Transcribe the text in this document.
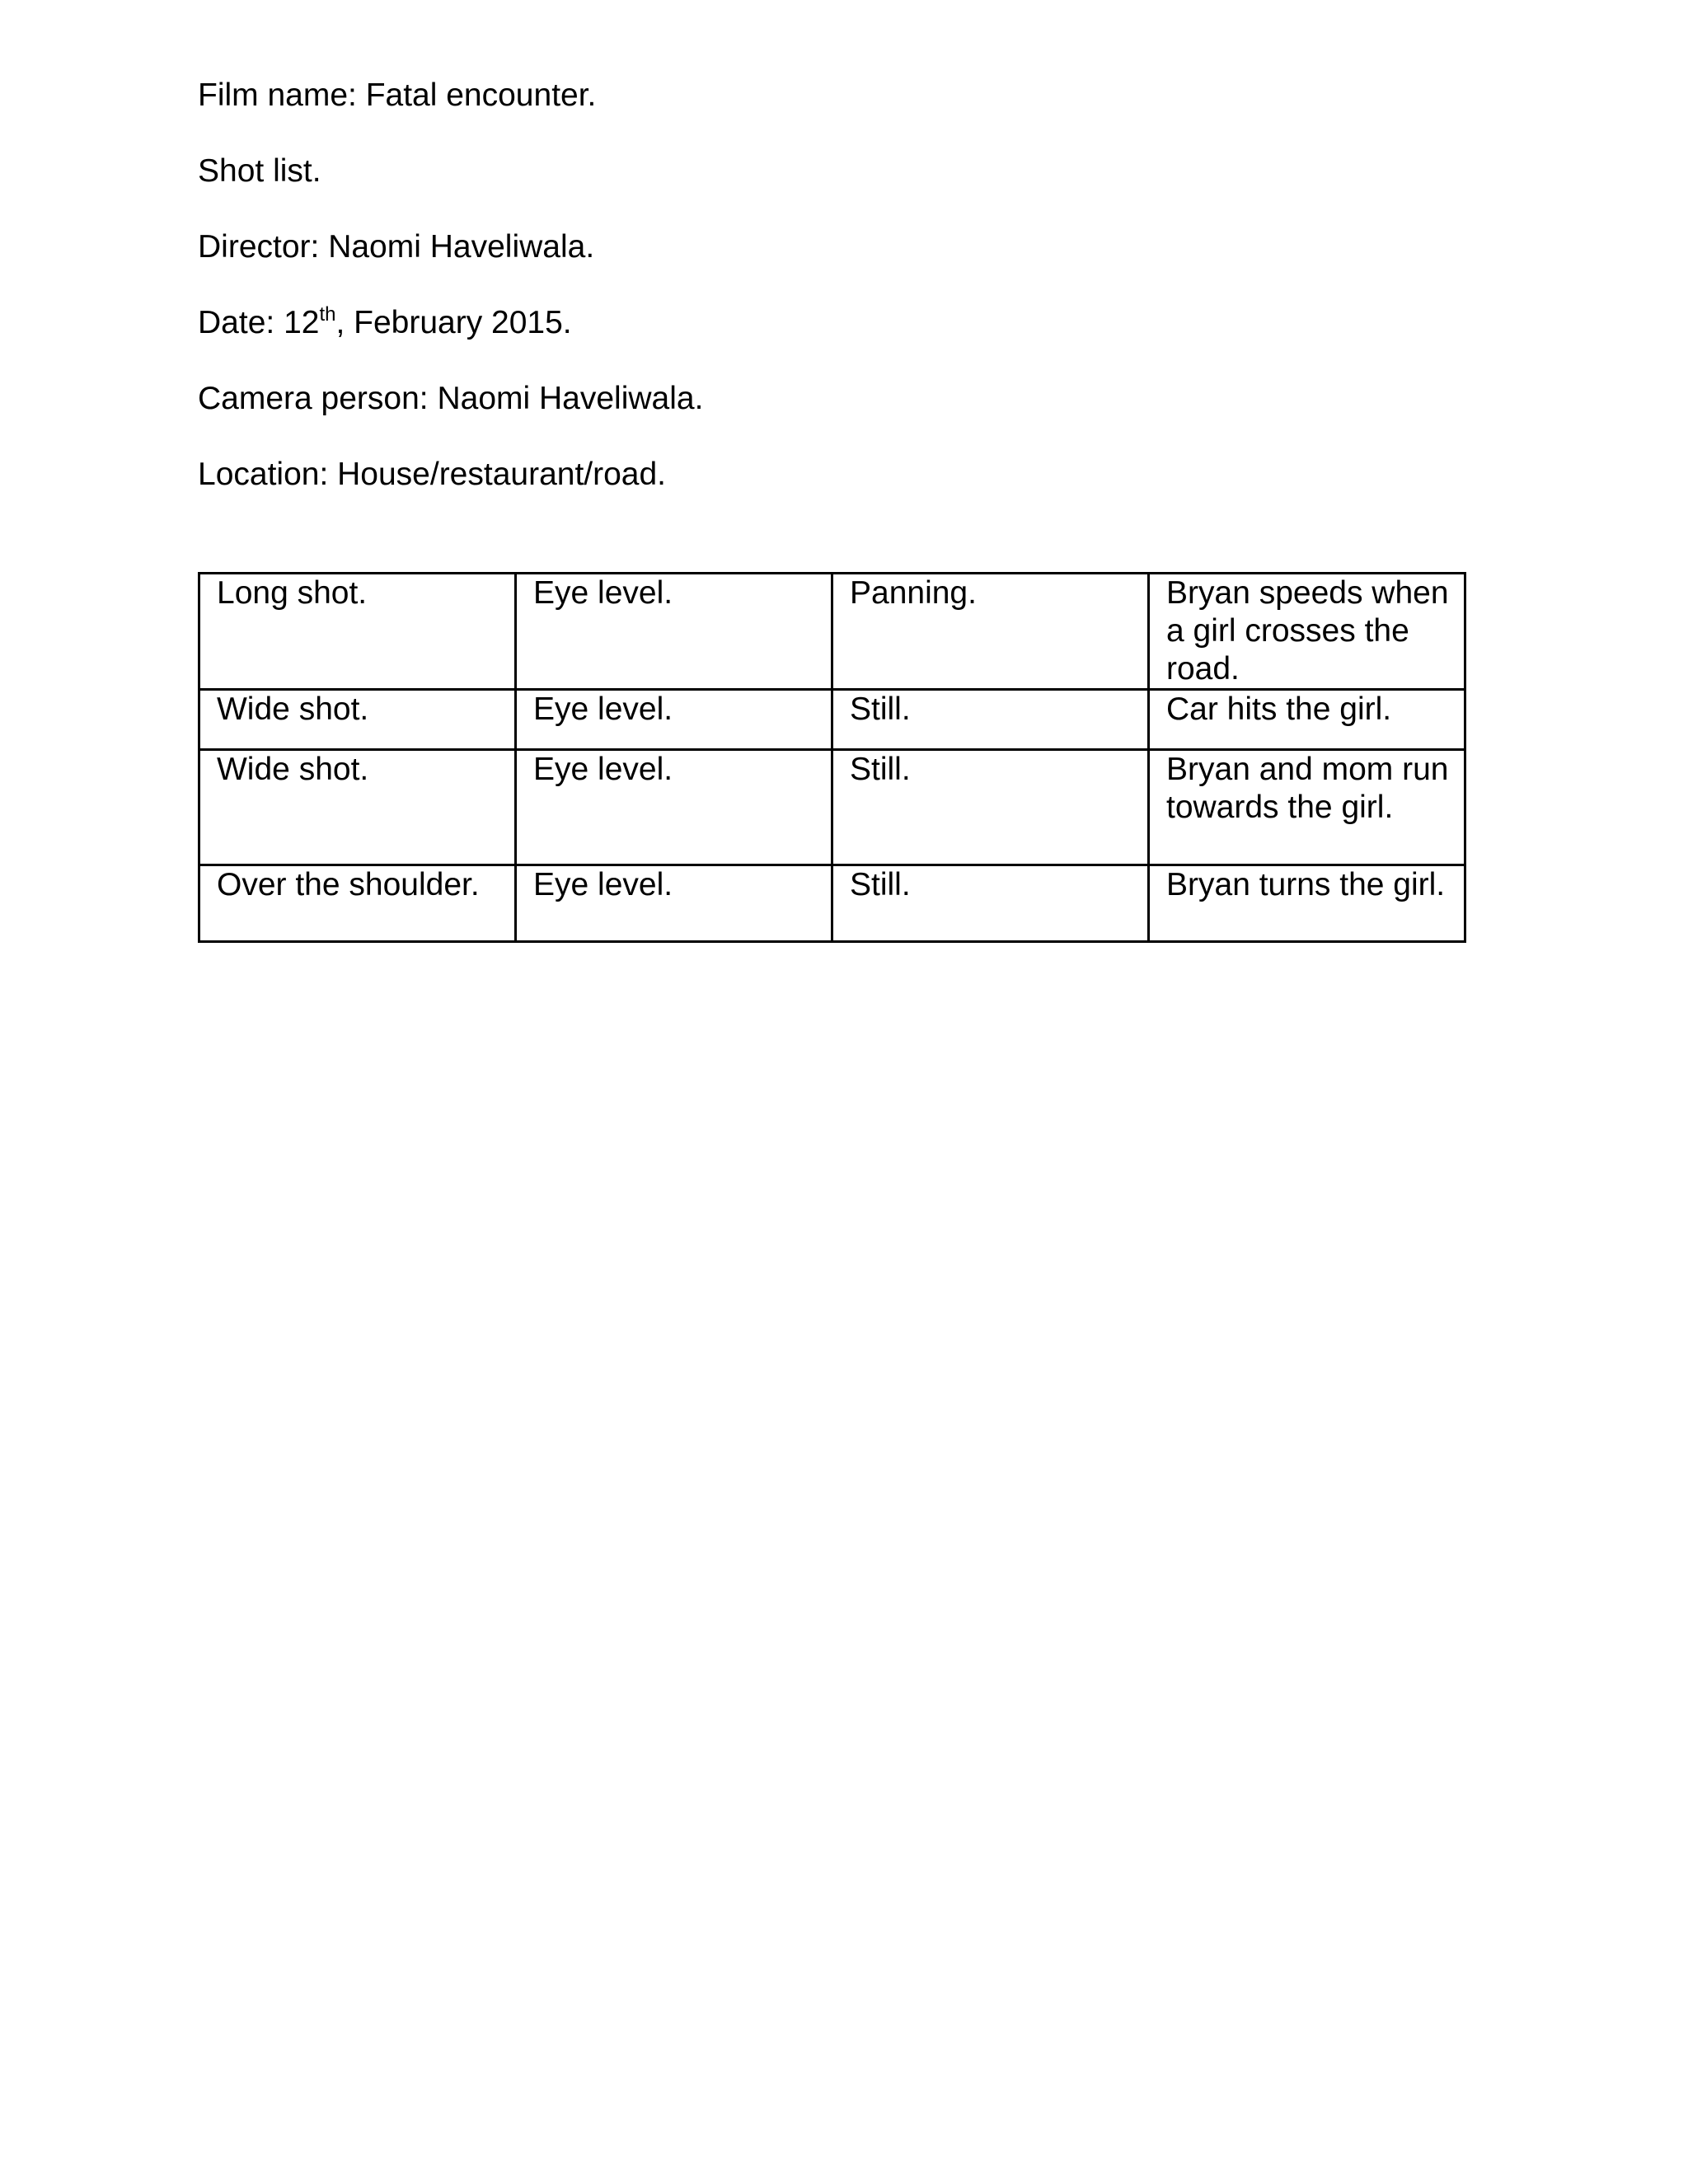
Film name: Fatal encounter.
Shot list.
Director: Naomi Haveliwala.
Date: 12th, February 2015.
Camera person: Naomi Haveliwala.
Location: House/restaurant/road.
Long shot.	Eye level.	Panning.	Bryan speeds when a girl crosses the road.
Wide shot.	Eye level.	Still.	Car hits the girl.
Wide shot.	Eye level.	Still.	Bryan and mom run towards the girl.
Over the shoulder.	Eye level.	Still.	Bryan turns the girl.
